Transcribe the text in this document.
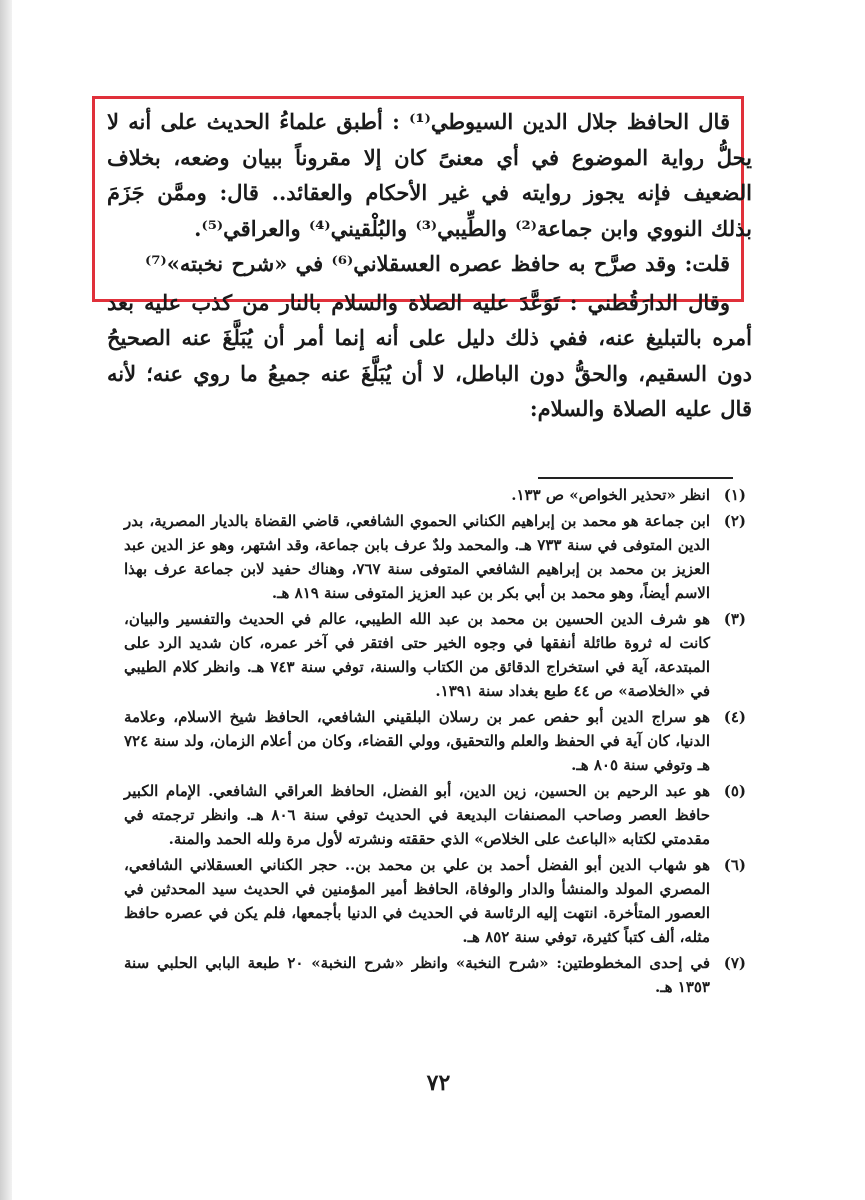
قال الحافظ جلال الدين السيوطي⁽¹⁾ : أطبق علماءُ الحديث على أنه لا يحلُّ رواية الموضوع في أي معنىً كان إلا مقروناً ببيان وضعه، بخلاف الضعيف فإنه يجوز روايته في غير الأحكام والعقائد.. قال: وممَّن جَزَمَ بذلك النووي وابن جماعة⁽²⁾ والطِّيبي⁽³⁾ والبُلْقيني⁽⁴⁾ والعراقي⁽⁵⁾.

قلت: وقد صرَّح به حافظ عصره العسقلاني⁽⁶⁾ في «شرح نخبته»⁽⁷⁾

وقال الدارَقُطني : تَوَعَّدَ عليه الصلاة والسلام بالنار من كذب عليه بعد أمره بالتبليغ عنه، ففي ذلك دليل على أنه إنما أمر أن يُبَلَّغَ عنه الصحيحُ دون السقيم، والحقُّ دون الباطل، لا أن يُبَلَّغَ عنه جميعُ ما روي عنه؛ لأنه قال عليه الصلاة والسلام:

(١)انظر «تحذير الخواص» ص ١٣٣.

(٢)ابن جماعة هو محمد بن إبراهيم الكناني الحموي الشافعي، قاضي القضاة بالديار المصرية، بدر الدين المتوفى في سنة ٧٣٣ هـ. والمحمد ولدٌ عرف بابن جماعة، وقد اشتهر، وهو عز الدين عبد العزيز بن محمد بن إبراهيم الشافعي المتوفى سنة ٧٦٧، وهناك حفيد لابن جماعة عرف بهذا الاسم أيضاً، وهو محمد بن أبي بكر بن عبد العزيز المتوفى سنة ٨١٩ هـ.

(٣)هو شرف الدين الحسين بن محمد بن عبد الله الطيبي، عالم في الحديث والتفسير والبيان، كانت له ثروة طائلة أنفقها في وجوه الخير حتى افتقر في آخر عمره، كان شديد الرد على المبتدعة، آية في استخراج الدقائق من الكتاب والسنة، توفي سنة ٧٤٣ هـ. وانظر كلام الطيبي في «الخلاصة» ص ٤٤ طبع بغداد سنة ١٣٩١.

(٤)هو سراج الدين أبو حفص عمر بن رسلان البلقيني الشافعي، الحافظ شيخ الاسلام، وعلامة الدنيا، كان آية في الحفظ والعلم والتحقيق، وولي القضاء، وكان من أعلام الزمان، ولد سنة ٧٢٤ هـ وتوفي سنة ٨٠٥ هـ.

(٥)هو عبد الرحيم بن الحسين، زين الدين، أبو الفضل، الحافظ العراقي الشافعي. الإمام الكبير حافظ العصر وصاحب المصنفات البديعة في الحديث توفي سنة ٨٠٦ هـ. وانظر ترجمته في مقدمتي لكتابه «الباعث على الخلاص» الذي حققته ونشرته لأول مرة ولله الحمد والمنة.

(٦)هو شهاب الدين أبو الفضل أحمد بن علي بن محمد بن.. حجر الكناني العسقلاني الشافعي، المصري المولد والمنشأ والدار والوفاة، الحافظ أمير المؤمنين في الحديث سيد المحدثين في العصور المتأخرة. انتهت إليه الرئاسة في الحديث في الدنيا بأجمعها، فلم يكن في عصره حافظ مثله، ألف كتباً كثيرة، توفي سنة ٨٥٢ هـ.

(٧)في إحدى المخطوطتين: «شرح النخبة» وانظر «شرح النخبة» ٢٠ طبعة البابي الحلبي سنة ١٣٥٣ هـ.

٧٢
